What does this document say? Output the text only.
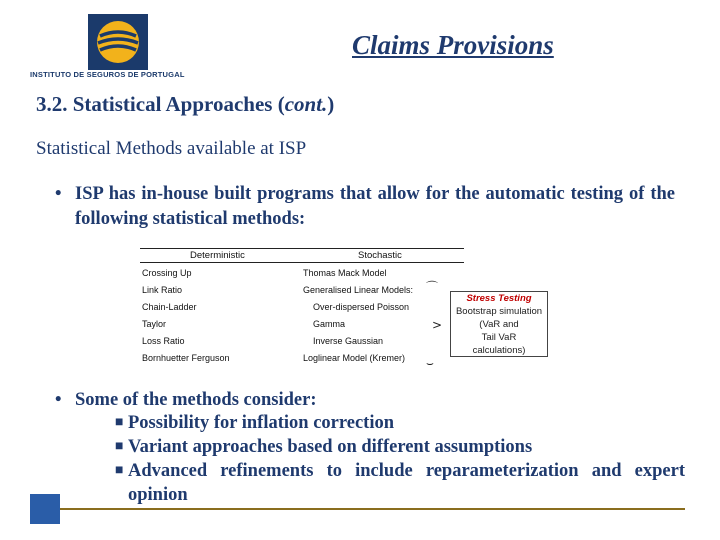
INSTITUTO DE SEGUROS DE PORTUGAL
Claims Provisions
3.2. Statistical Approaches (cont.)
Statistical Methods available at ISP
• ISP has in-house built programs that allow for the automatic testing of the following statistical methods:
Deterministic	Stochastic
Crossing Up
Link Ratio
Chain-Ladder
Taylor
Loss Ratio
Bornhuetter Ferguson
Thomas Mack Model
Generalised Linear Models:
Over-dispersed Poisson
Gamma
Inverse Gaussian
Loglinear Model (Kremer)
⌒
>
⌣
Stress Testing
Bootstrap simulation
(VaR and
Tail VaR
calculations)
• Some of the methods consider:
■ Possibility for inflation correction
■ Variant approaches based on different assumptions
■ Advanced refinements to include reparameterization and expert opinion
